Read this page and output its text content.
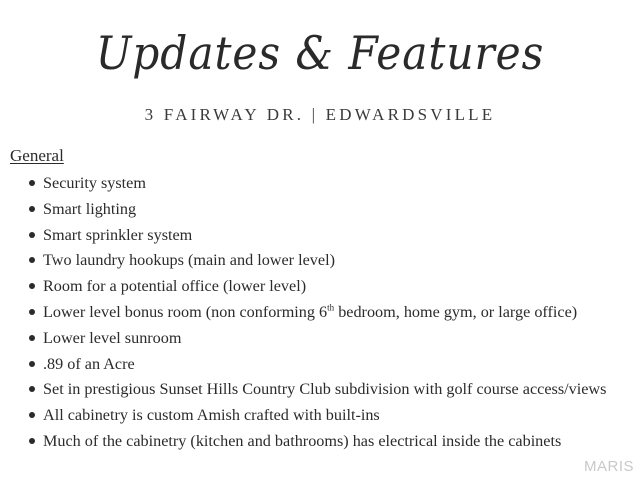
Updates & Features
3 FAIRWAY DR. | EDWARDSVILLE
General
Security system
Smart lighting
Smart sprinkler system
Two laundry hookups (main and lower level)
Room for a potential office (lower level)
Lower level bonus room (non conforming 6th bedroom, home gym, or large office)
Lower level sunroom
.89 of an Acre
Set in prestigious Sunset Hills Country Club subdivision with golf course access/views
All cabinetry is custom Amish crafted with built-ins
Much of the cabinetry (kitchen and bathrooms) has electrical inside the cabinets
MARIS
